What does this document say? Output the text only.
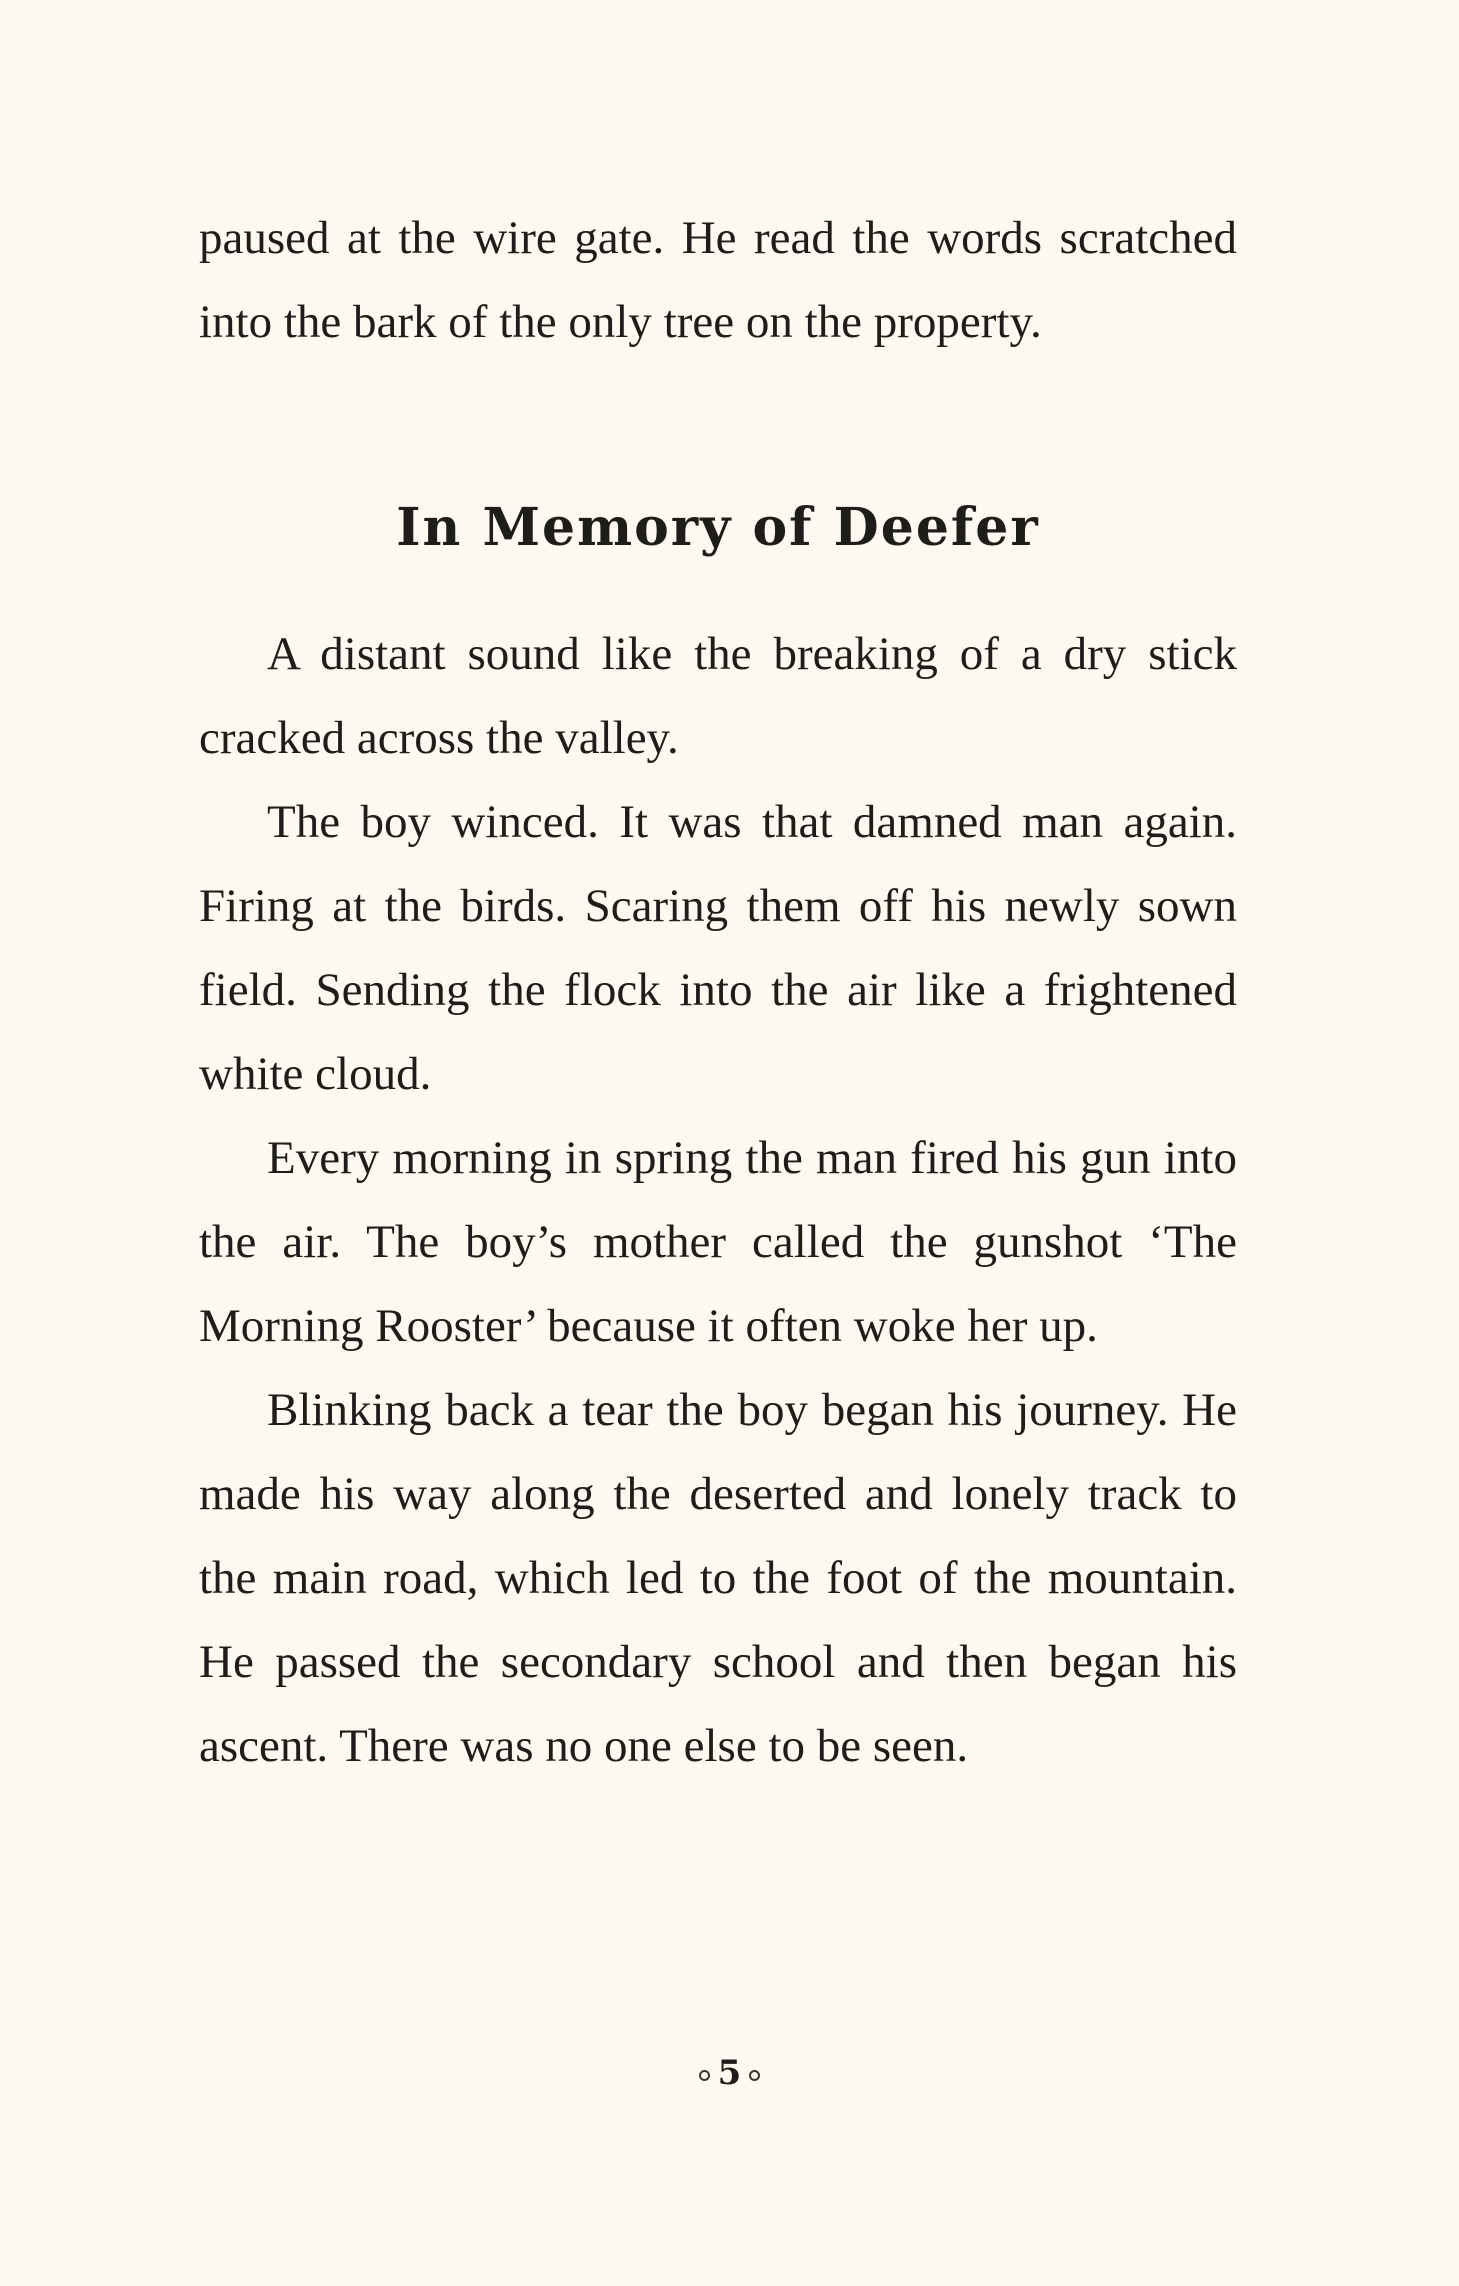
paused at the wire gate. He read the words scratched into the bark of the only tree on the property.

In Memory of Deefer

A distant sound like the breaking of a dry stick cracked across the valley.

The boy winced. It was that damned man again. Firing at the birds. Scaring them off his newly sown field. Sending the flock into the air like a frightened white cloud.

Every morning in spring the man fired his gun into the air. The boy’s mother called the gunshot ‘The Morning Rooster’ because it often woke her up.

Blinking back a tear the boy began his journey. He made his way along the deserted and lonely track to the main road, which led to the foot of the mountain. He passed the secondary school and then began his ascent. There was no one else to be seen.

5
